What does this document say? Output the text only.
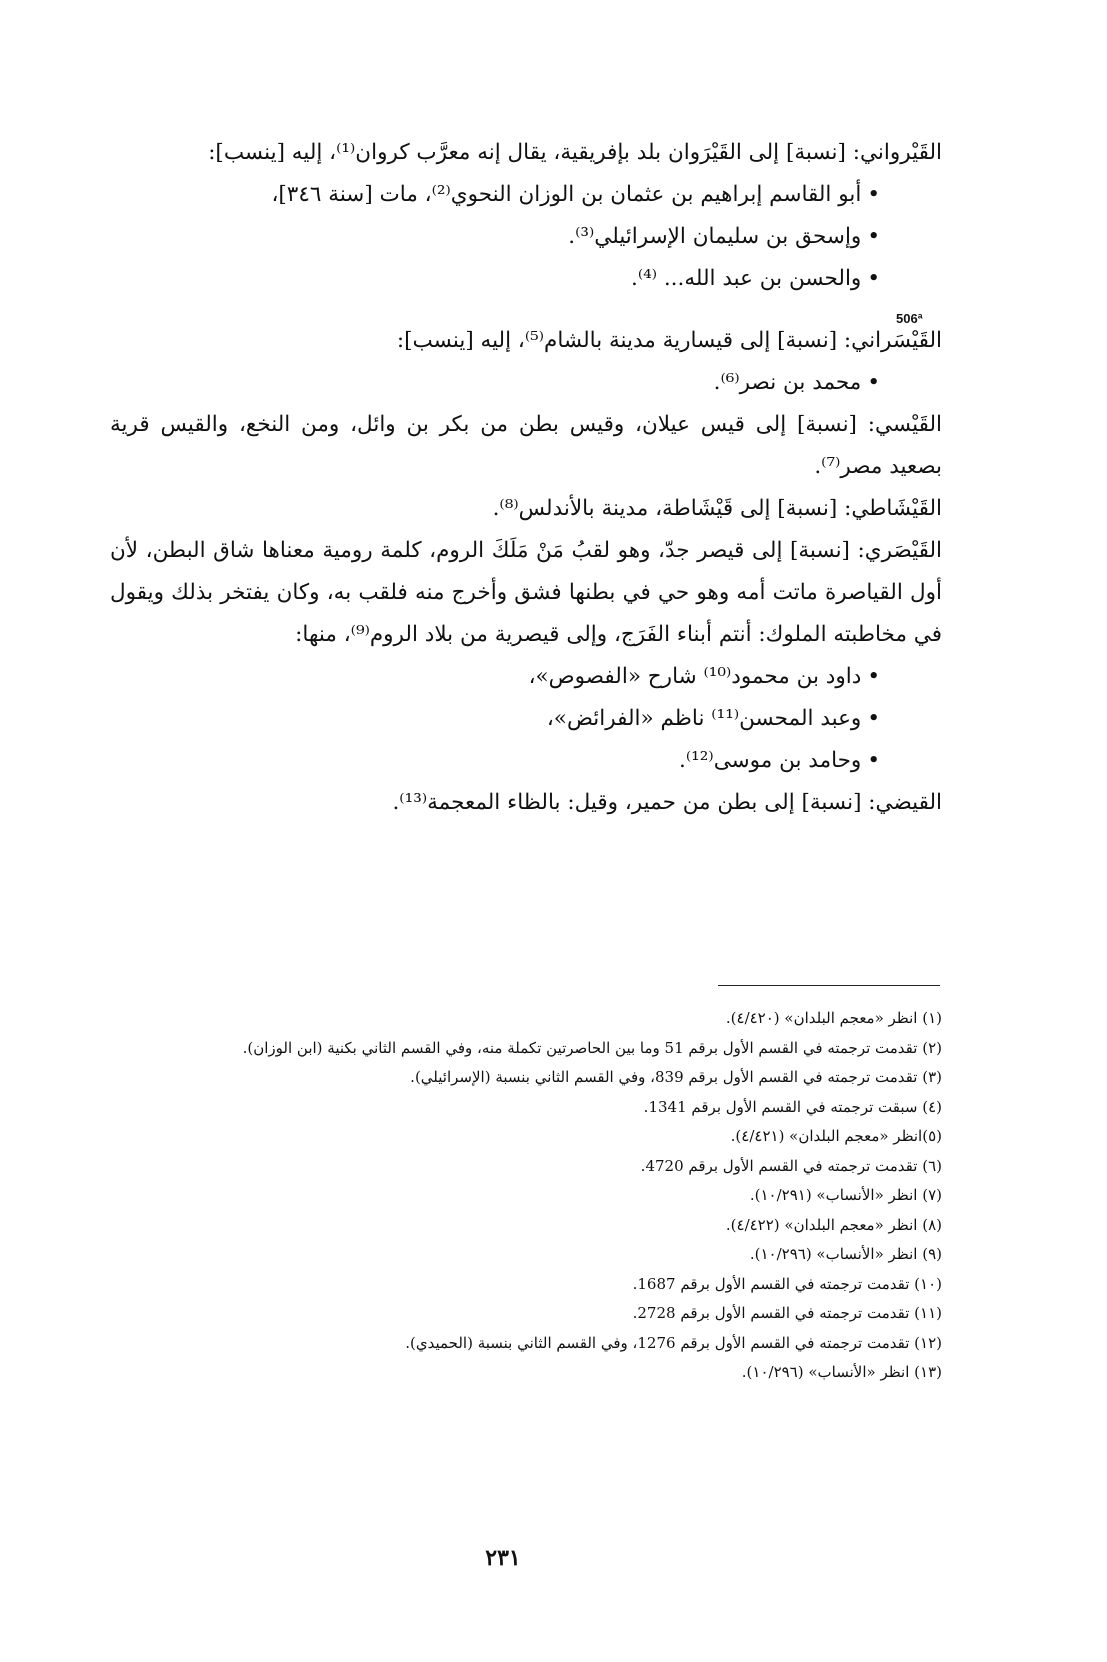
القَيْرواني: [نسبة] إلى القَيْرَوان بلد بإفريقية، يقال إنه معرَّب كروان⁽¹⁾، إليه [ينسب]:

• أبو القاسم إبراهيم بن عثمان بن الوزان النحوي⁽²⁾، مات [سنة ٣٤٦]،

• وإسحق بن سليمان الإسرائيلي⁽³⁾.

• والحسن بن عبد الله... ⁽⁴⁾.

القَيْسَراني: [نسبة] إلى قيسارية مدينة بالشام⁽⁵⁾، إليه [ينسب]:

• محمد بن نصر⁽⁶⁾.

القَيْسي: [نسبة] إلى قيس عيلان، وقيس بطن من بكر بن وائل، ومن النخع، والقيس قرية بصعيد مصر⁽⁷⁾.

القَيْشَاطي: [نسبة] إلى قَيْشَاطة، مدينة بالأندلس⁽⁸⁾.

القَيْصَري: [نسبة] إلى قيصر جدّ، وهو لقبُ مَنْ مَلَكَ الروم، كلمة رومية معناها شاق البطن، لأن أول القياصرة ماتت أمه وهو حي في بطنها فشق وأخرج منه فلقب به، وكان يفتخر بذلك ويقول في مخاطبته الملوك: أنتم أبناء الفَرَج، وإلى قيصرية من بلاد الروم⁽⁹⁾، منها:

• داود بن محمود⁽¹⁰⁾ شارح «الفصوص»،

• وعبد المحسن⁽¹¹⁾ ناظم «الفرائض»،

• وحامد بن موسى⁽¹²⁾.

القيضي: [نسبة] إلى بطن من حمير، وقيل: بالظاء المعجمة⁽¹³⁾.

506ª

(١) انظر «معجم البلدان» (٤/٤٢٠).

(٢) تقدمت ترجمته في القسم الأول برقم 51 وما بين الحاصرتين تكملة منه، وفي القسم الثاني بكنية (ابن الوزان).

(٣) تقدمت ترجمته في القسم الأول برقم 839، وفي القسم الثاني بنسبة (الإسرائيلي).

(٤) سبقت ترجمته في القسم الأول برقم 1341.

(٥)انظر «معجم البلدان» (٤/٤٢١).

(٦) تقدمت ترجمته في القسم الأول برقم 4720.

(٧) انظر «الأنساب» (١٠/٢٩١).

(٨) انظر «معجم البلدان» (٤/٤٢٢).

(٩) انظر «الأنساب» (١٠/٢٩٦).

(١٠) تقدمت ترجمته في القسم الأول برقم 1687.

(١١) تقدمت ترجمته في القسم الأول برقم 2728.

(١٢) تقدمت ترجمته في القسم الأول برقم 1276، وفي القسم الثاني بنسبة (الحميدي).

(١٣) انظر «الأنساب» (١٠/٢٩٦).

٢٣١
